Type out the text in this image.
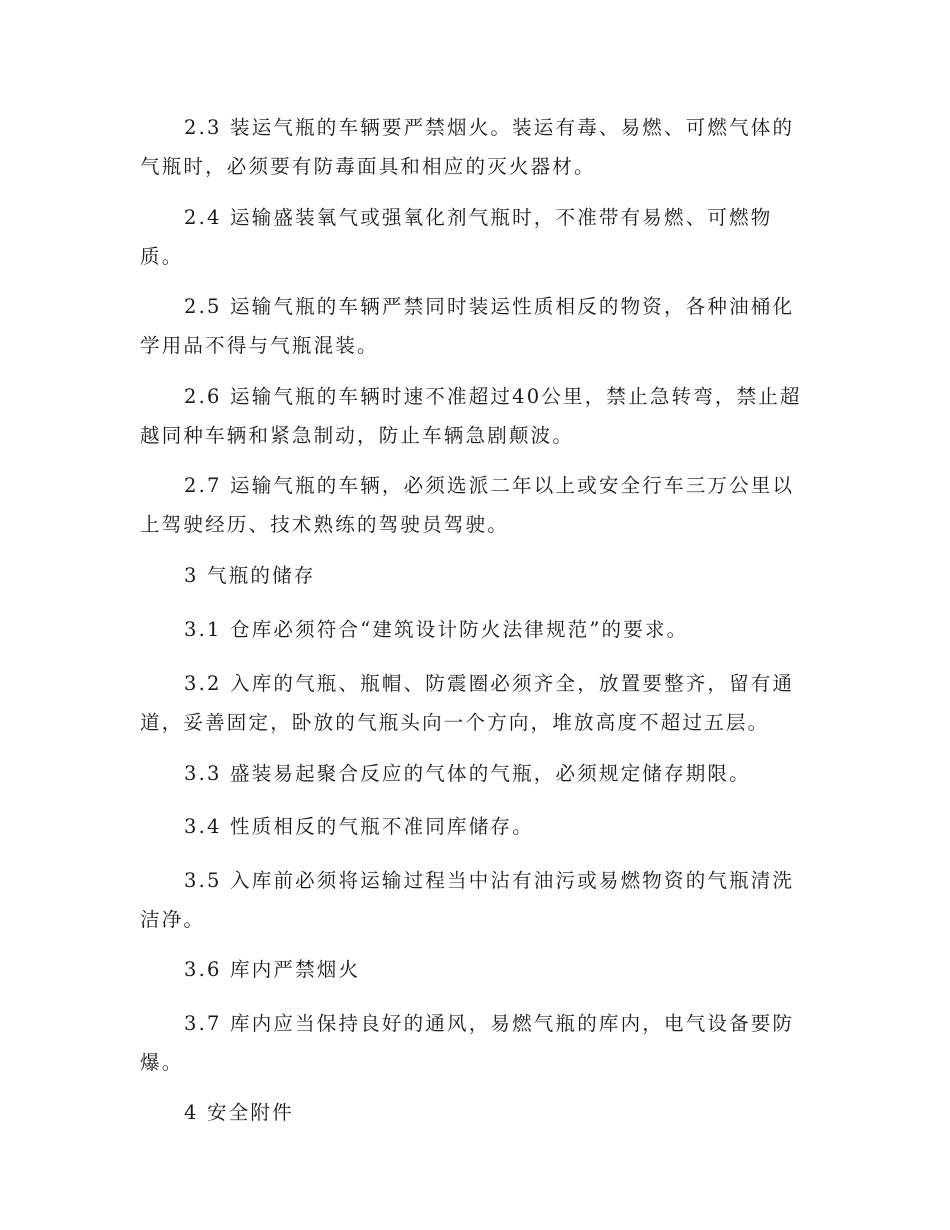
2.3 装运气瓶的车辆要严禁烟火。装运有毒、易燃、可燃气体的气瓶时，必须要有防毒面具和相应的灭火器材。

2.4 运输盛装氧气或强氧化剂气瓶时，不准带有易燃、可燃物质。

2.5 运输气瓶的车辆严禁同时装运性质相反的物资，各种油桶化学用品不得与气瓶混装。

2.6 运输气瓶的车辆时速不准超过40公里，禁止急转弯，禁止超越同种车辆和紧急制动，防止车辆急剧颠波。

2.7 运输气瓶的车辆，必须选派二年以上或安全行车三万公里以上驾驶经历、技术熟练的驾驶员驾驶。

3 气瓶的储存

3.1 仓库必须符合“建筑设计防火法律规范”的要求。

3.2 入库的气瓶、瓶帽、防震圈必须齐全，放置要整齐，留有通道，妥善固定，卧放的气瓶头向一个方向，堆放高度不超过五层。

3.3 盛装易起聚合反应的气体的气瓶，必须规定储存期限。

3.4 性质相反的气瓶不准同库储存。

3.5 入库前必须将运输过程当中沾有油污或易燃物资的气瓶清洗洁净。

3.6 库内严禁烟火

3.7 库内应当保持良好的通风，易燃气瓶的库内，电气设备要防爆。

4 安全附件
